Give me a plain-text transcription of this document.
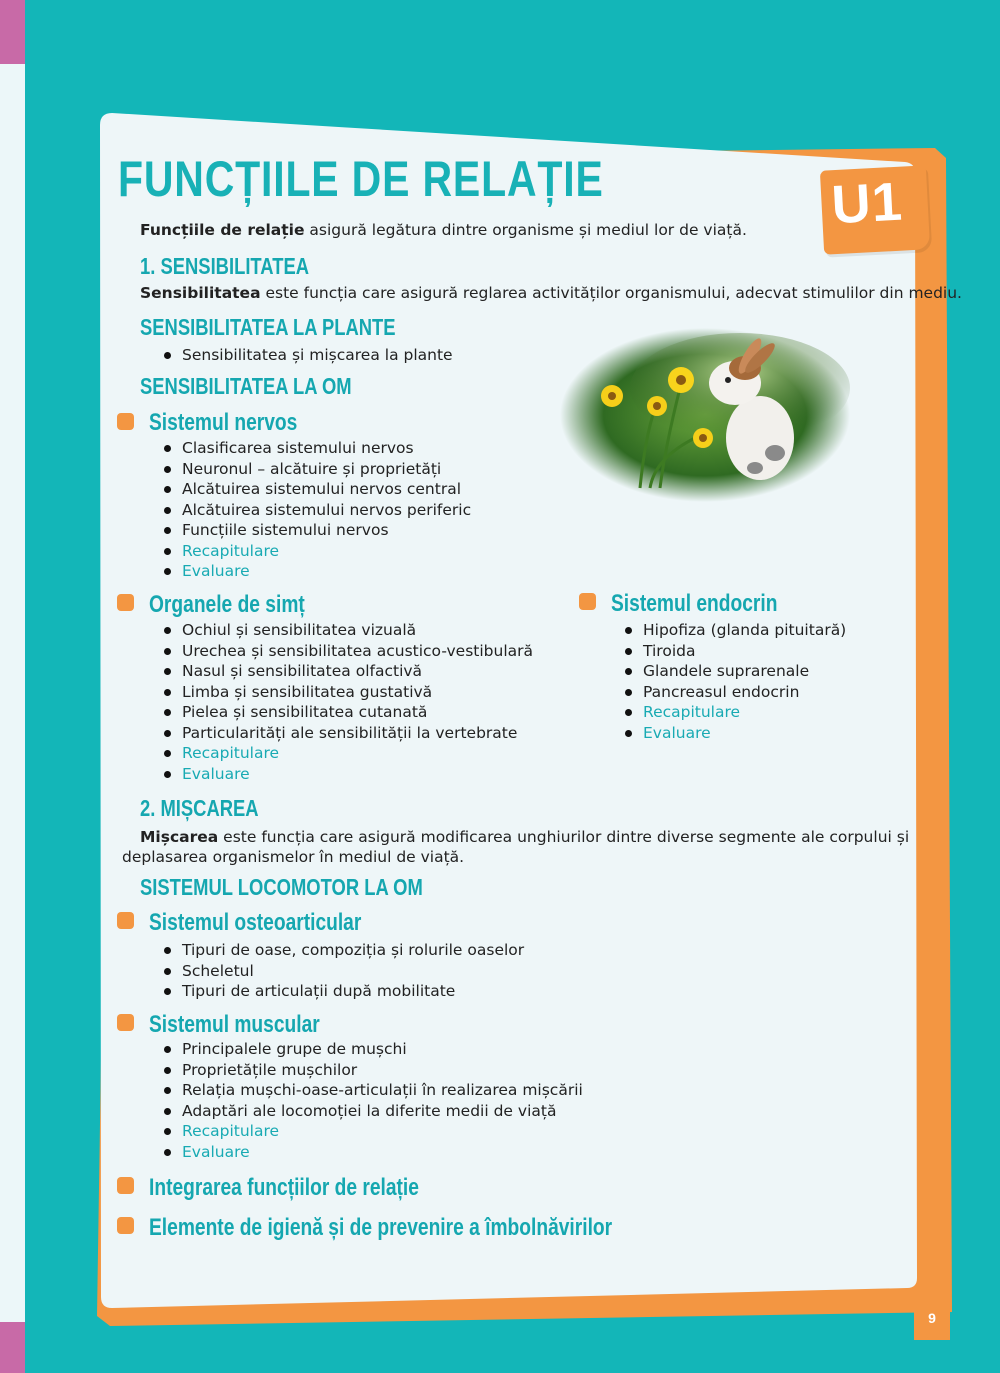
U1
FUNCȚIILE DE RELAȚIE
Funcțiile de relație asigură legătura dintre organisme și mediul lor de viață.
1. SENSIBILITATEA
Sensibilitatea este funcția care asigură reglarea activităților organismului, adecvat stimulilor din mediu.
SENSIBILITATEA LA PLANTE
Sensibilitatea și mișcarea la plante
SENSIBILITATEA LA OM
Sistemul nervos
Clasificarea sistemului nervos
Neuronul – alcătuire și proprietăți
Alcătuirea sistemului nervos central
Alcătuirea sistemului nervos periferic
Funcțiile sistemului nervos
Recapitulare
Evaluare
Organele de simț
Ochiul și sensibilitatea vizuală
Urechea și sensibilitatea acustico-vestibulară
Nasul și sensibilitatea olfactivă
Limba și sensibilitatea gustativă
Pielea și sensibilitatea cutanată
Particularități ale sensibilității la vertebrate
Recapitulare
Evaluare
Sistemul endocrin
Hipofiza (glanda pituitară)
Tiroida
Glandele suprarenale
Pancreasul endocrin
Recapitulare
Evaluare
2. MIȘCAREA
Mișcarea este funcția care asigură modificarea unghiurilor dintre diverse segmente ale corpului și
deplasarea organismelor în mediul de viață.
SISTEMUL LOCOMOTOR LA OM
Sistemul osteoarticular
Tipuri de oase, compoziția și rolurile oaselor
Scheletul
Tipuri de articulații după mobilitate
Sistemul muscular
Principalele grupe de mușchi
Proprietățile mușchilor
Relația mușchi-oase-articulații în realizarea mișcării
Adaptări ale locomoției la diferite medii de viață
Recapitulare
Evaluare
Integrarea funcțiilor de relație
Elemente de igienă și de prevenire a îmbolnăvirilor
9
